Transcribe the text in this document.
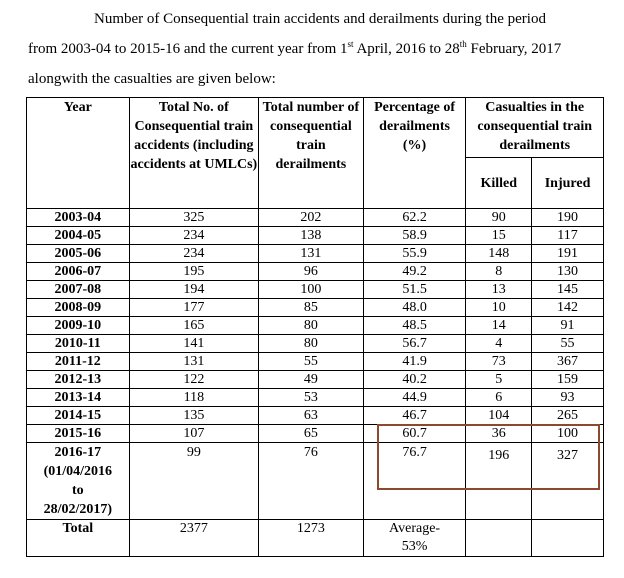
Number of Consequential train accidents and derailments during the period

from 2003-04 to 2015-16 and the current year from 1st April, 2016 to 28th February, 2017

alongwith the casualties are given below:

Year	Total No. of Consequential train accidents (including accidents at UMLCs)	Total number of consequential train derailments	Percentage of derailments (%)	Casualties in the consequential train derailments	
				Killed	Injured
2003-04	325	202	62.2	90	190
2004-05	234	138	58.9	15	117
2005-06	234	131	55.9	148	191
2006-07	195	96	49.2	8	130
2007-08	194	100	51.5	13	145
2008-09	177	85	48.0	10	142
2009-10	165	80	48.5	14	91
2010-11	141	80	56.7	4	55
2011-12	131	55	41.9	73	367
2012-13	122	49	40.2	5	159
2013-14	118	53	44.9	6	93
2014-15	135	63	46.7	104	265
2015-16	107	65	60.7	36	100

2016-17
(01/04/2016
to
28/02/2017)	99	76	76.7	196	327
Total	2377	1273	Average-
53%		
